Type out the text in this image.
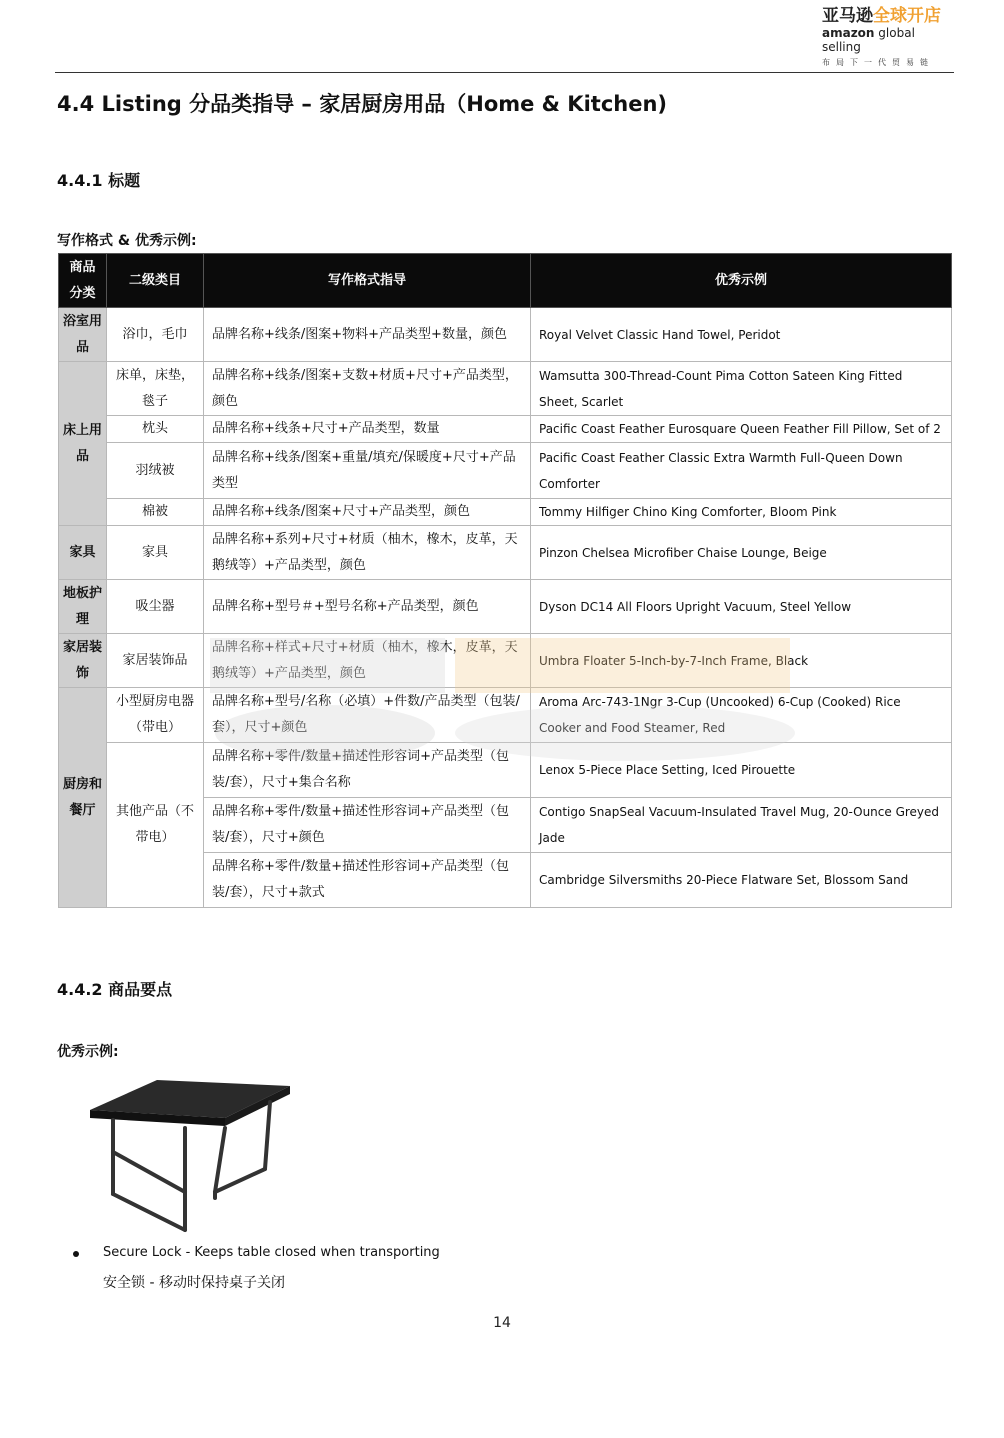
亚马逊全球开店
amazon global selling
布局下一代贸易链
4.4 Listing 分品类指导 – 家居厨房用品（Home & Kitchen)
4.4.1 标题
写作格式 & 优秀示例:
商品分类	二级类目	写作格式指导	优秀示例
浴室用品	浴巾，毛巾	品牌名称+线条/图案+物料+产品类型+数量，颜色	Royal Velvet Classic Hand Towel, Peridot
床上用品	床单，床垫，毯子	品牌名称+线条/图案+支数+材质+尺寸+产品类型，颜色	Wamsutta 300-Thread-Count Pima Cotton Sateen King Fitted Sheet, Scarlet
	枕头	品牌名称+线条+尺寸+产品类型，数量	Pacific Coast Feather Eurosquare Queen Feather Fill Pillow, Set of 2
	羽绒被	品牌名称+线条/图案+重量/填充/保暖度+尺寸+产品类型	Pacific Coast Feather Classic Extra Warmth Full-Queen Down Comforter
	棉被	品牌名称+线条/图案+尺寸+产品类型，颜色	Tommy Hilfiger Chino King Comforter, Bloom Pink
家具	家具	品牌名称+系列+尺寸+材质（柚木，橡木，皮革，天鹅绒等）+产品类型，颜色	Pinzon Chelsea Microfiber Chaise Lounge, Beige
地板护理	吸尘器	品牌名称+型号＃+型号名称+产品类型，颜色	Dyson DC14 All Floors Upright Vacuum, Steel Yellow
家居装饰	家居装饰品	品牌名称+样式+尺寸+材质（柚木，橡木，皮革，天鹅绒等）+产品类型，颜色	Umbra Floater 5-Inch-by-7-Inch Frame, Black
厨房和餐厅	小型厨房电器（带电）	品牌名称+型号/名称（必填）+件数/产品类型（包装/套），尺寸+颜色	Aroma Arc-743-1Ngr 3-Cup (Uncooked) 6-Cup (Cooked) Rice Cooker and Food Steamer, Red
	其他产品（不带电）	品牌名称+零件/数量+描述性形容词+产品类型（包装/套），尺寸+集合名称	Lenox 5-Piece Place Setting, Iced Pirouette
		品牌名称+零件/数量+描述性形容词+产品类型（包装/套），尺寸+颜色	Contigo SnapSeal Vacuum-Insulated Travel Mug, 20-Ounce Greyed Jade
		品牌名称+零件/数量+描述性形容词+产品类型（包装/套），尺寸+款式	Cambridge Silversmiths 20-Piece Flatware Set, Blossom Sand
4.4.2 商品要点
优秀示例:
Secure Lock - Keeps table closed when transporting
安全锁 - 移动时保持桌子关闭
14
